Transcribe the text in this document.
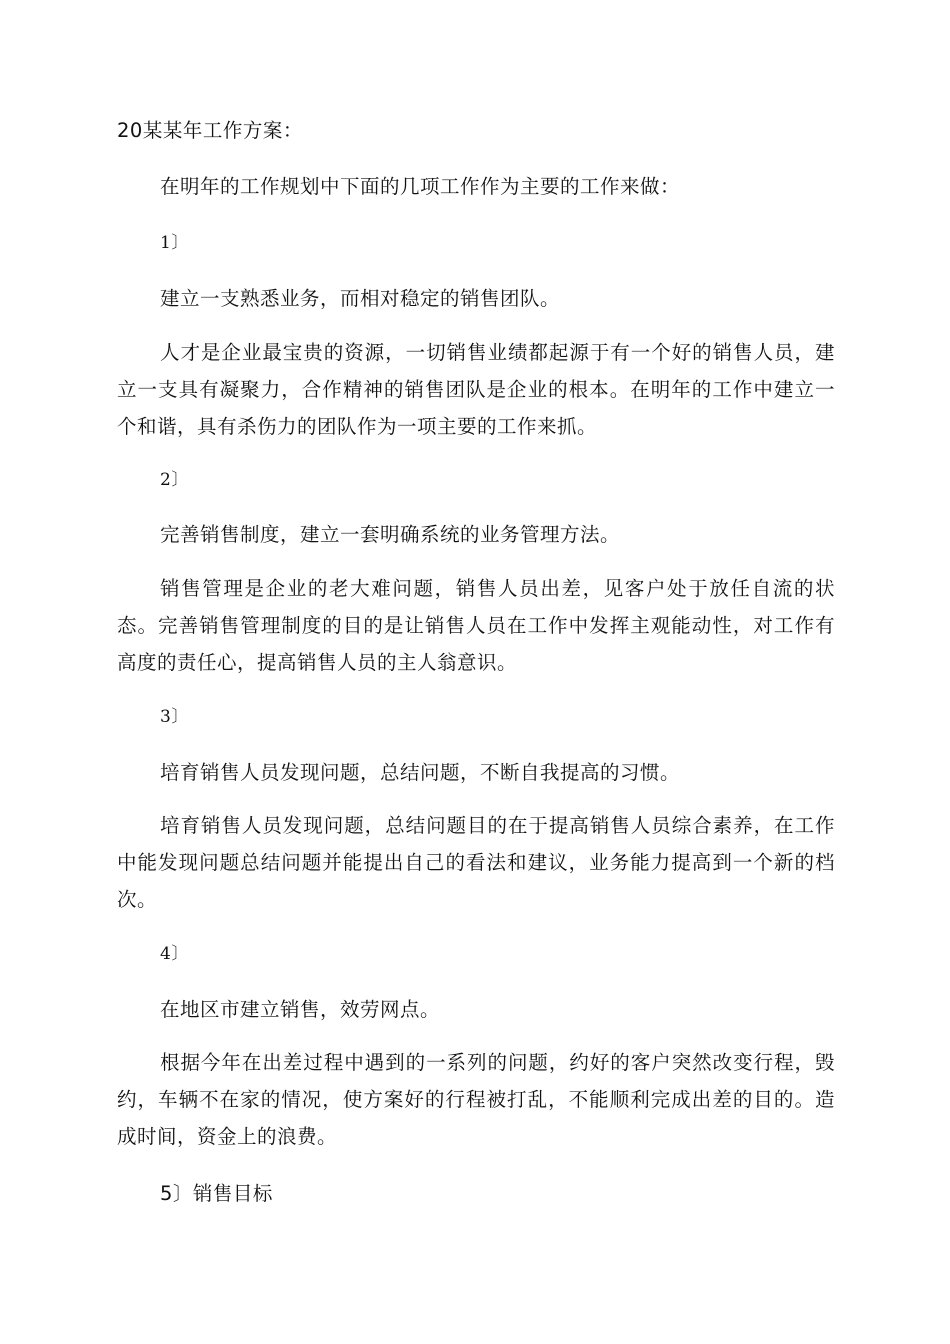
20某某年工作方案：

在明年的工作规划中下面的几项工作作为主要的工作来做：

1〕

建立一支熟悉业务，而相对稳定的销售团队。

人才是企业最宝贵的资源，一切销售业绩都起源于有一个好的销售人员，建立一支具有凝聚力，合作精神的销售团队是企业的根本。在明年的工作中建立一个和谐，具有杀伤力的团队作为一项主要的工作来抓。

2〕

完善销售制度，建立一套明确系统的业务管理方法。

销售管理是企业的老大难问题，销售人员出差，见客户处于放任自流的状态。完善销售管理制度的目的是让销售人员在工作中发挥主观能动性，对工作有高度的责任心，提高销售人员的主人翁意识。

3〕

培育销售人员发现问题，总结问题，不断自我提高的习惯。

培育销售人员发现问题，总结问题目的在于提高销售人员综合素养，在工作中能发现问题总结问题并能提出自己的看法和建议，业务能力提高到一个新的档次。

4〕

在地区市建立销售，效劳网点。

根据今年在出差过程中遇到的一系列的问题，约好的客户突然改变行程，毁约，车辆不在家的情况，使方案好的行程被打乱，不能顺利完成出差的目的。造成时间，资金上的浪费。

5〕销售目标
